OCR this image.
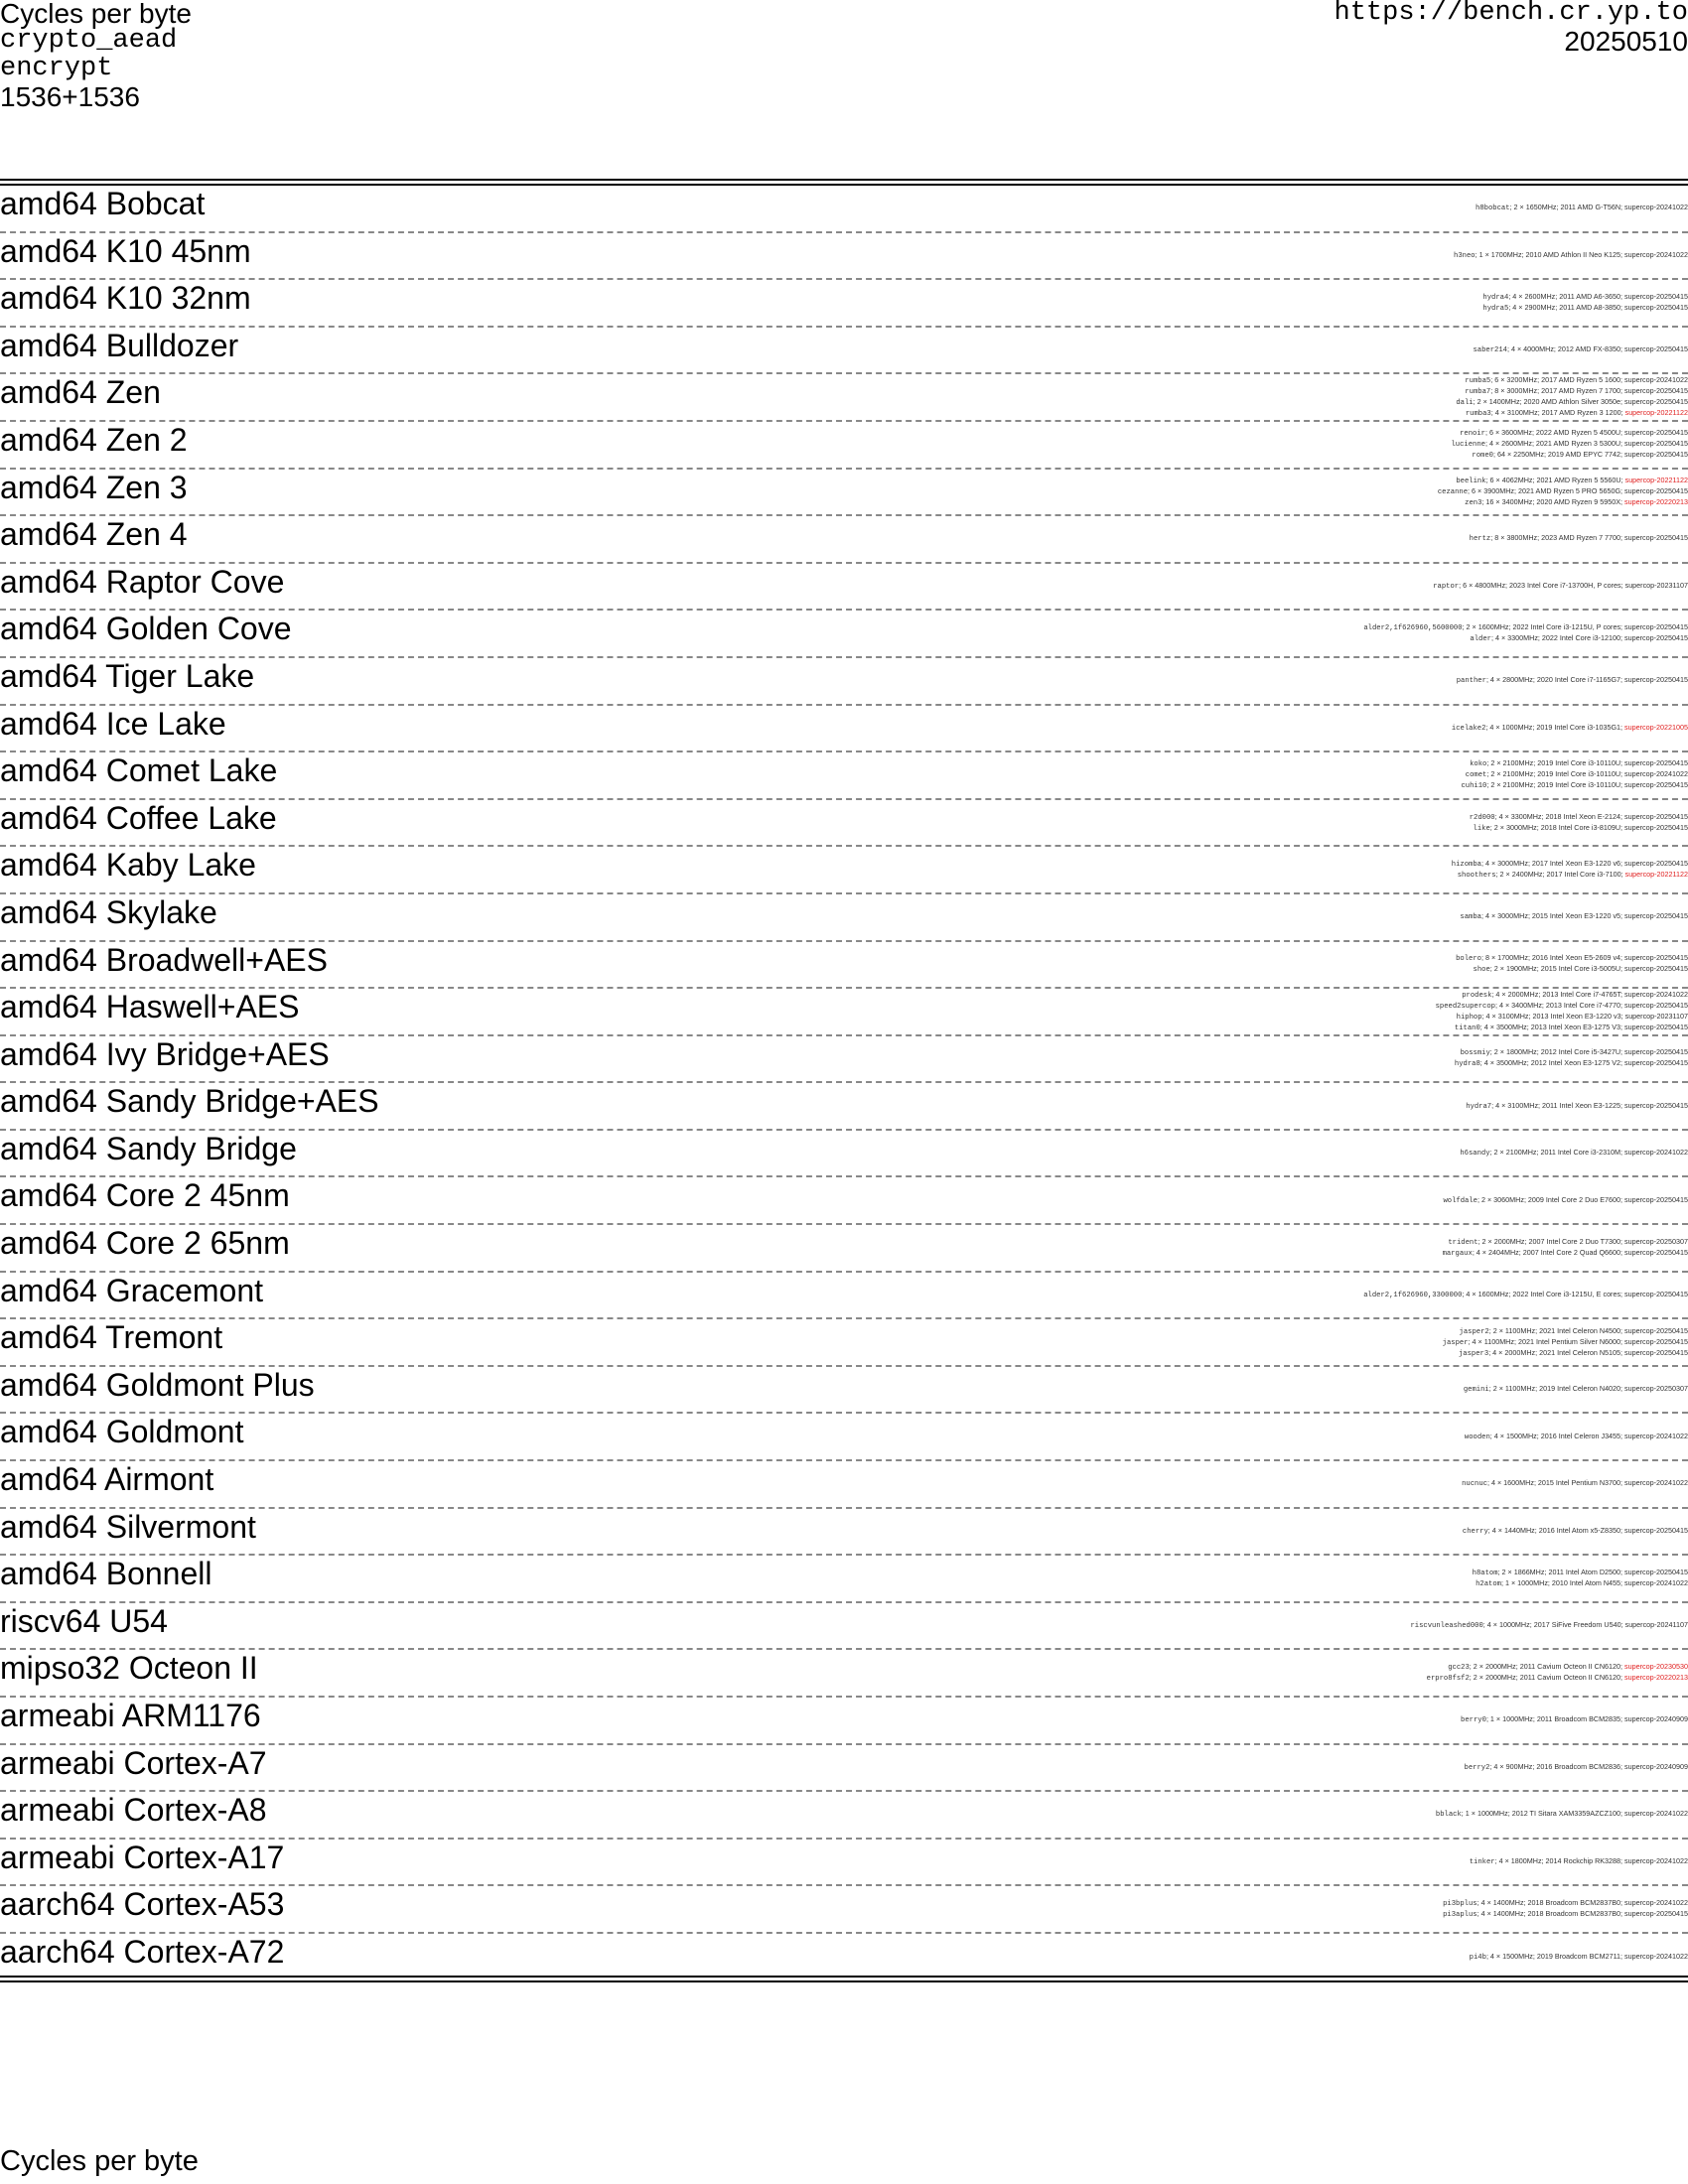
Cycles per byte
crypto_aead
encrypt
1536+1536
https://bench.cr.yp.to
20250510
amd64 Bobcat	h8bobcat; 2 × 1650MHz; 2011 AMD G-T56N; supercop-20241022
amd64 K10 45nm	h3neo; 1 × 1700MHz; 2010 AMD Athlon II Neo K125; supercop-20241022
amd64 K10 32nm	hydra4; 4 × 2600MHz; 2011 AMD A6-3650; supercop-20250415
hydra5; 4 × 2900MHz; 2011 AMD A8-3850; supercop-20250415
amd64 Bulldozer	saber214; 4 × 4000MHz; 2012 AMD FX-8350; supercop-20250415
amd64 Zen	rumba5; 6 × 3200MHz; 2017 AMD Ryzen 5 1600; supercop-20241022
rumba7; 8 × 3000MHz; 2017 AMD Ryzen 7 1700; supercop-20250415
dali; 2 × 1400MHz; 2020 AMD Athlon Silver 3050e; supercop-20250415
rumba3; 4 × 3100MHz; 2017 AMD Ryzen 3 1200; supercop-20221122
amd64 Zen 2	renoir; 6 × 3600MHz; 2022 AMD Ryzen 5 4500U; supercop-20250415
lucienne; 4 × 2600MHz; 2021 AMD Ryzen 3 5300U; supercop-20250415
rome0; 64 × 2250MHz; 2019 AMD EPYC 7742; supercop-20250415
amd64 Zen 3	beelink; 6 × 4062MHz; 2021 AMD Ryzen 5 5560U; supercop-20221122
cezanne; 6 × 3900MHz; 2021 AMD Ryzen 5 PRO 5650G; supercop-20250415
zen3; 16 × 3400MHz; 2020 AMD Ryzen 9 5950X; supercop-20220213
amd64 Zen 4	hertz; 8 × 3800MHz; 2023 AMD Ryzen 7 7700; supercop-20250415
amd64 Raptor Cove	raptor; 6 × 4800MHz; 2023 Intel Core i7-13700H, P cores; supercop-20231107
amd64 Golden Cove	alder2,1f626960,5600000; 2 × 1600MHz; 2022 Intel Core i3-1215U, P cores; supercop-20250415
alder; 4 × 3300MHz; 2022 Intel Core i3-12100; supercop-20250415
amd64 Tiger Lake	panther; 4 × 2800MHz; 2020 Intel Core i7-1165G7; supercop-20250415
amd64 Ice Lake	icelake2; 4 × 1000MHz; 2019 Intel Core i3-1035G1; supercop-20221005
amd64 Comet Lake	koko; 2 × 2100MHz; 2019 Intel Core i3-10110U; supercop-20250415
comet; 2 × 2100MHz; 2019 Intel Core i3-10110U; supercop-20241022
cuhi10; 2 × 2100MHz; 2019 Intel Core i3-10110U; supercop-20250415
amd64 Coffee Lake	r2d000; 4 × 3300MHz; 2018 Intel Xeon E-2124; supercop-20250415
like; 2 × 3000MHz; 2018 Intel Core i3-8109U; supercop-20250415
amd64 Kaby Lake	hizomba; 4 × 3000MHz; 2017 Intel Xeon E3-1220 v6; supercop-20250415
shoothers; 2 × 2400MHz; 2017 Intel Core i3-7100; supercop-20221122
amd64 Skylake	samba; 4 × 3000MHz; 2015 Intel Xeon E3-1220 v5; supercop-20250415
amd64 Broadwell+AES	bolero; 8 × 1700MHz; 2016 Intel Xeon E5-2609 v4; supercop-20250415
shoe; 2 × 1900MHz; 2015 Intel Core i3-5005U; supercop-20250415
amd64 Haswell+AES	prodesk; 4 × 2000MHz; 2013 Intel Core i7-4765T; supercop-20241022
speed2supercop; 4 × 3400MHz; 2013 Intel Core i7-4770; supercop-20250415
hiphop; 4 × 3100MHz; 2013 Intel Xeon E3-1220 v3; supercop-20231107
titan0; 4 × 3500MHz; 2013 Intel Xeon E3-1275 V3; supercop-20250415
amd64 Ivy Bridge+AES	bossmiy; 2 × 1800MHz; 2012 Intel Core i5-3427U; supercop-20250415
hydra8; 4 × 3500MHz; 2012 Intel Xeon E3-1275 V2; supercop-20250415
amd64 Sandy Bridge+AES	hydra7; 4 × 3100MHz; 2011 Intel Xeon E3-1225; supercop-20250415
amd64 Sandy Bridge	h6sandy; 2 × 2100MHz; 2011 Intel Core i3-2310M; supercop-20241022
amd64 Core 2 45nm	wolfdale; 2 × 3060MHz; 2009 Intel Core 2 Duo E7600; supercop-20250415
amd64 Core 2 65nm	trident; 2 × 2000MHz; 2007 Intel Core 2 Duo T7300; supercop-20250307
margaux; 4 × 2404MHz; 2007 Intel Core 2 Quad Q6600; supercop-20250415
amd64 Gracemont	alder2,1f626960,3300000; 4 × 1600MHz; 2022 Intel Core i3-1215U, E cores; supercop-20250415
amd64 Tremont	jasper2; 2 × 1100MHz; 2021 Intel Celeron N4500; supercop-20250415
jasper; 4 × 1100MHz; 2021 Intel Pentium Silver N6000; supercop-20250415
jasper3; 4 × 2000MHz; 2021 Intel Celeron N5105; supercop-20250415
amd64 Goldmont Plus	gemini; 2 × 1100MHz; 2019 Intel Celeron N4020; supercop-20250307
amd64 Goldmont	wooden; 4 × 1500MHz; 2016 Intel Celeron J3455; supercop-20241022
amd64 Airmont	nucnuc; 4 × 1600MHz; 2015 Intel Pentium N3700; supercop-20241022
amd64 Silvermont	cherry; 4 × 1440MHz; 2016 Intel Atom x5-Z8350; supercop-20250415
amd64 Bonnell	h8atom; 2 × 1866MHz; 2011 Intel Atom D2500; supercop-20250415
h2atom; 1 × 1000MHz; 2010 Intel Atom N455; supercop-20241022
riscv64 U54	riscvunleashed000; 4 × 1000MHz; 2017 SiFive Freedom U540; supercop-20241107
mipso32 Octeon II	gcc23; 2 × 2000MHz; 2011 Cavium Octeon II CN6120; supercop-20230530
erpro8fsf2; 2 × 2000MHz; 2011 Cavium Octeon II CN6120; supercop-20220213
armeabi ARM1176	berry0; 1 × 1000MHz; 2011 Broadcom BCM2835; supercop-20240909
armeabi Cortex-A7	berry2; 4 × 900MHz; 2016 Broadcom BCM2836; supercop-20240909
armeabi Cortex-A8	bblack; 1 × 1000MHz; 2012 TI Sitara XAM3359AZCZ100; supercop-20241022
armeabi Cortex-A17	tinker; 4 × 1800MHz; 2014 Rockchip RK3288; supercop-20241022
aarch64 Cortex-A53	pi3bplus; 4 × 1400MHz; 2018 Broadcom BCM2837B0; supercop-20241022
pi3aplus; 4 × 1400MHz; 2018 Broadcom BCM2837B0; supercop-20250415
aarch64 Cortex-A72	pi4b; 4 × 1500MHz; 2019 Broadcom BCM2711; supercop-20241022
Cycles per byte
